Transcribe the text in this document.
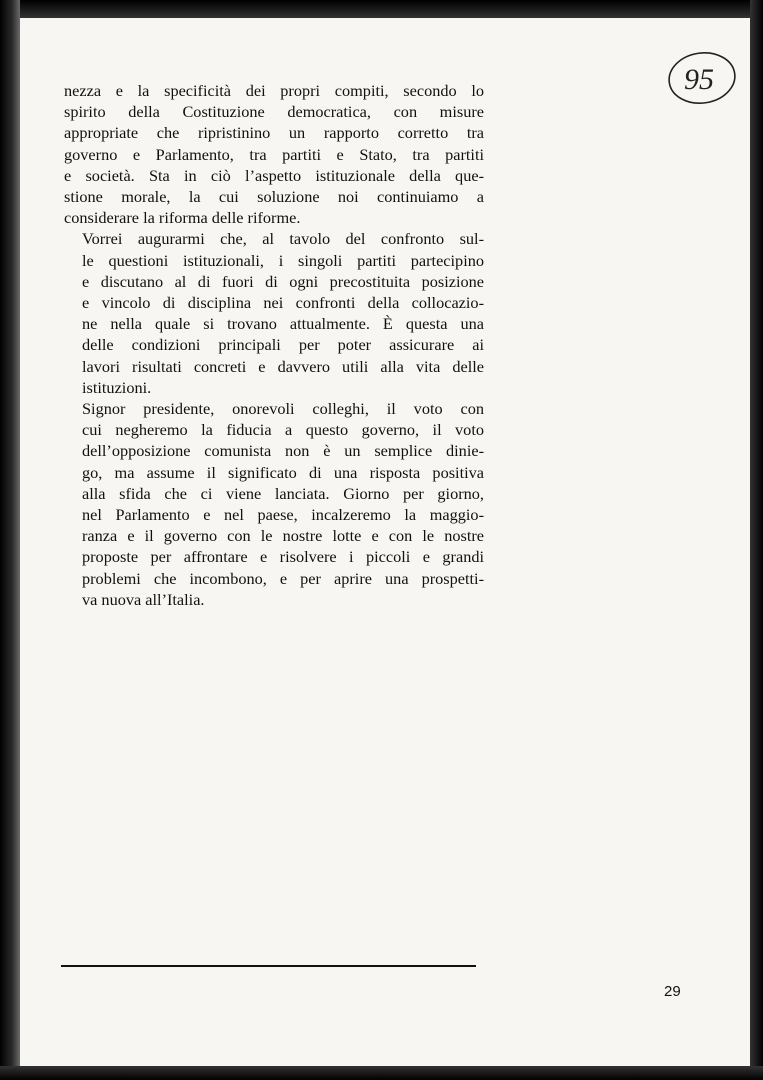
95

nezza e la specificità dei propri compiti, secondo lo
spirito della Costituzione democratica, con misure
appropriate che ripristinino un rapporto corretto tra
governo e Parlamento, tra partiti e Stato, tra partiti
e società. Sta in ciò l’aspetto istituzionale della que-
stione morale, la cui soluzione noi continuiamo a
considerare la riforma delle riforme.

Vorrei augurarmi che, al tavolo del confronto sul-
le questioni istituzionali, i singoli partiti partecipino
e discutano al di fuori di ogni precostituita posizione
e vincolo di disciplina nei confronti della collocazio-
ne nella quale si trovano attualmente. È questa una
delle condizioni principali per poter assicurare ai
lavori risultati concreti e davvero utili alla vita delle
istituzioni.

Signor presidente, onorevoli colleghi, il voto con
cui negheremo la fiducia a questo governo, il voto
dell’opposizione comunista non è un semplice dinie-
go, ma assume il significato di una risposta positiva
alla sfida che ci viene lanciata. Giorno per giorno,
nel Parlamento e nel paese, incalzeremo la maggio-
ranza e il governo con le nostre lotte e con le nostre
proposte per affrontare e risolvere i piccoli e grandi
problemi che incombono, e per aprire una prospetti-
va nuova all’Italia.

29
